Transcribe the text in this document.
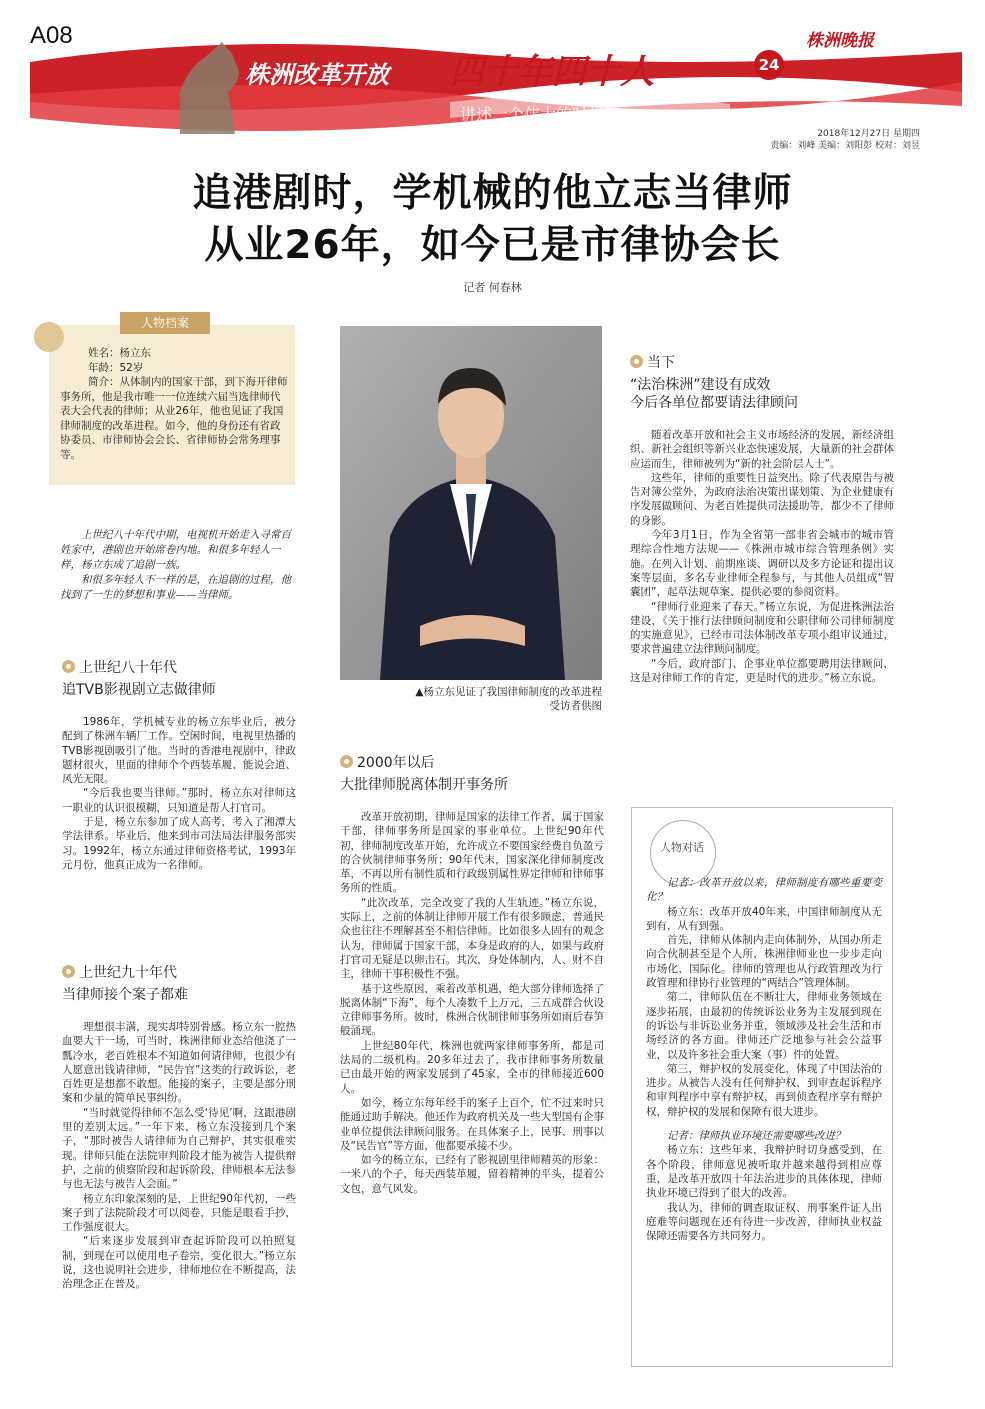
株洲改革开放 四十年四十人	24
讲述一个伟大的时代
A08	株洲晚报
2018年12月27日 星期四
责编：刘峰 美编：刘阳彭 校对：刘昱
追港剧时，学机械的他立志当律师
从业26年，如今已是市律协会长
记者 何春林
人物档案

姓名：杨立东

年龄：52岁

简介：从体制内的国家干部，到下海开律师事务所，他是我市唯一一位连续六届当选律师代表大会代表的律师；从业26年，他也见证了我国律师制度的改革进程。如今，他的身份还有省政协委员、市律师协会会长、省律师协会常务理事等。

上世纪八十年代中期，电视机开始走入寻常百姓家中，港剧也开始席卷内地。和很多年轻人一样，杨立东成了追剧一族。

和很多年轻人不一样的是，在追剧的过程，他找到了一生的梦想和事业——当律师。

上世纪八十年代
追TVB影视剧立志做律师

1986年，学机械专业的杨立东毕业后，被分配到了株洲车辆厂工作。空闲时间，电视里热播的TVB影视剧吸引了他。当时的香港电视剧中，律政题材很火，里面的律师个个西装革履、能说会道、风光无限。

“今后我也要当律师。”那时，杨立东对律师这一职业的认识很模糊，只知道是帮人打官司。

于是，杨立东参加了成人高考，考入了湘潭大学法律系。毕业后，他来到市司法局法律服务部实习。1992年，杨立东通过律师资格考试，1993年元月份，他真正成为一名律师。

上世纪九十年代
当律师接个案子都难

理想很丰满，现实却特别骨感。杨立东一腔热血要大干一场，可当时，株洲律师业态给他浇了一瓢冷水，老百姓根本不知道如何请律师，也很少有人愿意出钱请律师，“民告官”这类的行政诉讼，老百姓更是想都不敢想。能接的案子，主要是部分刑案和少量的简单民事纠纷。

“当时就觉得律师不怎么受‘待见’啊，这跟港剧里的差别太远。”一年下来，杨立东没接到几个案子，“那时被告人请律师为自己辩护，其实很难实现。律师只能在法院审判阶段才能为被告人提供辩护，之前的侦察阶段和起诉阶段，律师根本无法参与也无法与被告人会面。”

杨立东印象深刻的是，上世纪90年代初，一些案子到了法院阶段才可以阅卷，只能是眼看手抄，工作强度很大。

“后来逐步发展到审查起诉阶段可以拍照复制，到现在可以使用电子卷宗，变化很大。”杨立东说，这也说明社会进步，律师地位在不断提高，法治理念正在普及。

▲杨立东见证了我国律师制度的改革进程
受访者供图
2000年以后
大批律师脱离体制开事务所

改革开放初期，律师是国家的法律工作者，属于国家干部，律师事务所是国家的事业单位。上世纪90年代初，律师制度改革开始，允许成立不要国家经费自负盈亏的合伙制律师事务所；90年代末，国家深化律师制度改革，不再以所有制性质和行政级别属性界定律师和律师事务所的性质。

“此次改革，完全改变了我的人生轨迹。”杨立东说，实际上，之前的体制让律师开展工作有很多顾虑，普通民众也往往不理解甚至不相信律师。比如很多人固有的观念认为，律师属于国家干部，本身是政府的人，如果与政府打官司无疑是以卵击石。其次，身处体制内，人、财不自主，律师干事积极性不强。

基于这些原因，乘着改革机遇，绝大部分律师选择了脱离体制“下海”，每个人凑数千上万元，三五成群合伙设立律师事务所。彼时，株洲合伙制律师事务所如雨后春笋般涌现。

上世纪80年代，株洲也就两家律师事务所，都是司法局的二级机构。20多年过去了，我市律师事务所数量已由最开始的两家发展到了45家，全市的律师接近600人。

如今，杨立东每年经手的案子上百个，忙不过来时只能通过助手解决。他还作为政府机关及一些大型国有企事业单位提供法律顾问服务。在具体案子上，民事、刑事以及“民告官”等方面，他都要承接不少。

如今的杨立东，已经有了影视剧里律师精英的形象：一米八的个子，每天西装革履，留着精神的平头，提着公文包，意气风发。

当下
“法治株洲”建设有成效
今后各单位都要请法律顾问

随着改革开放和社会主义市场经济的发展，新经济组织、新社会组织等新兴业态快速发展，大量新的社会群体应运而生，律师被列为“新的社会阶层人士”。

这些年，律师的重要性日益突出。除了代表原告与被告对簿公堂外，为政府法治决策出谋划策、为企业健康有序发展做顾问、为老百姓提供司法援助等，都少不了律师的身影。

今年3月1日，作为全省第一部非省会城市的城市管理综合性地方法规——《株洲市城市综合管理条例》实施。在列入计划、前期座谈、调研以及多方论证和提出议案等层面，多名专业律师全程参与，与其他人员组成“智囊团”，起草法规草案、提供必要的参阅资料。

“律师行业迎来了春天。”杨立东说，为促进株洲法治建设，《关于推行法律顾问制度和公职律师公司律师制度的实施意见》，已经市司法体制改革专项小组审议通过，要求普遍建立法律顾问制度。

“今后，政府部门、企事业单位都要聘用法律顾问，这是对律师工作的肯定，更是时代的进步。”杨立东说。

人物对话

记者：改革开放以来，律师制度有哪些重要变化？

杨立东：改革开放40年来，中国律师制度从无到有，从有到强。

首先，律师从体制内走向体制外，从国办所走向合伙制甚至是个人所，株洲律师业也一步步走向市场化、国际化。律师的管理也从行政管理改为行政管理和律协行业管理的“两结合”管理体制。

第二，律师队伍在不断壮大，律师业务领域在逐步拓展，由最初的传统诉讼业务为主发展到现在的诉讼与非诉讼业务并重，领域涉及社会生活和市场经济的各方面。律师还广泛地参与社会公益事业，以及许多社会重大案（事）件的处置。

第三，辩护权的发展变化，体现了中国法治的进步。从被告人没有任何辩护权，到审查起诉程序和审判程序中享有辩护权，再到侦查程序享有辩护权，辩护权的发展和保障有很大进步。

记者：律师执业环境还需要哪些改进？

杨立东：这些年来，我辩护时切身感受到，在各个阶段，律师意见被听取并越来越得到相应尊重，是改革开放四十年法治进步的具体体现，律师执业环境已得到了很大的改善。

我认为，律师的调查取证权、刑事案件证人出庭难等问题现在还有待进一步改善，律师执业权益保障还需要各方共同努力。
